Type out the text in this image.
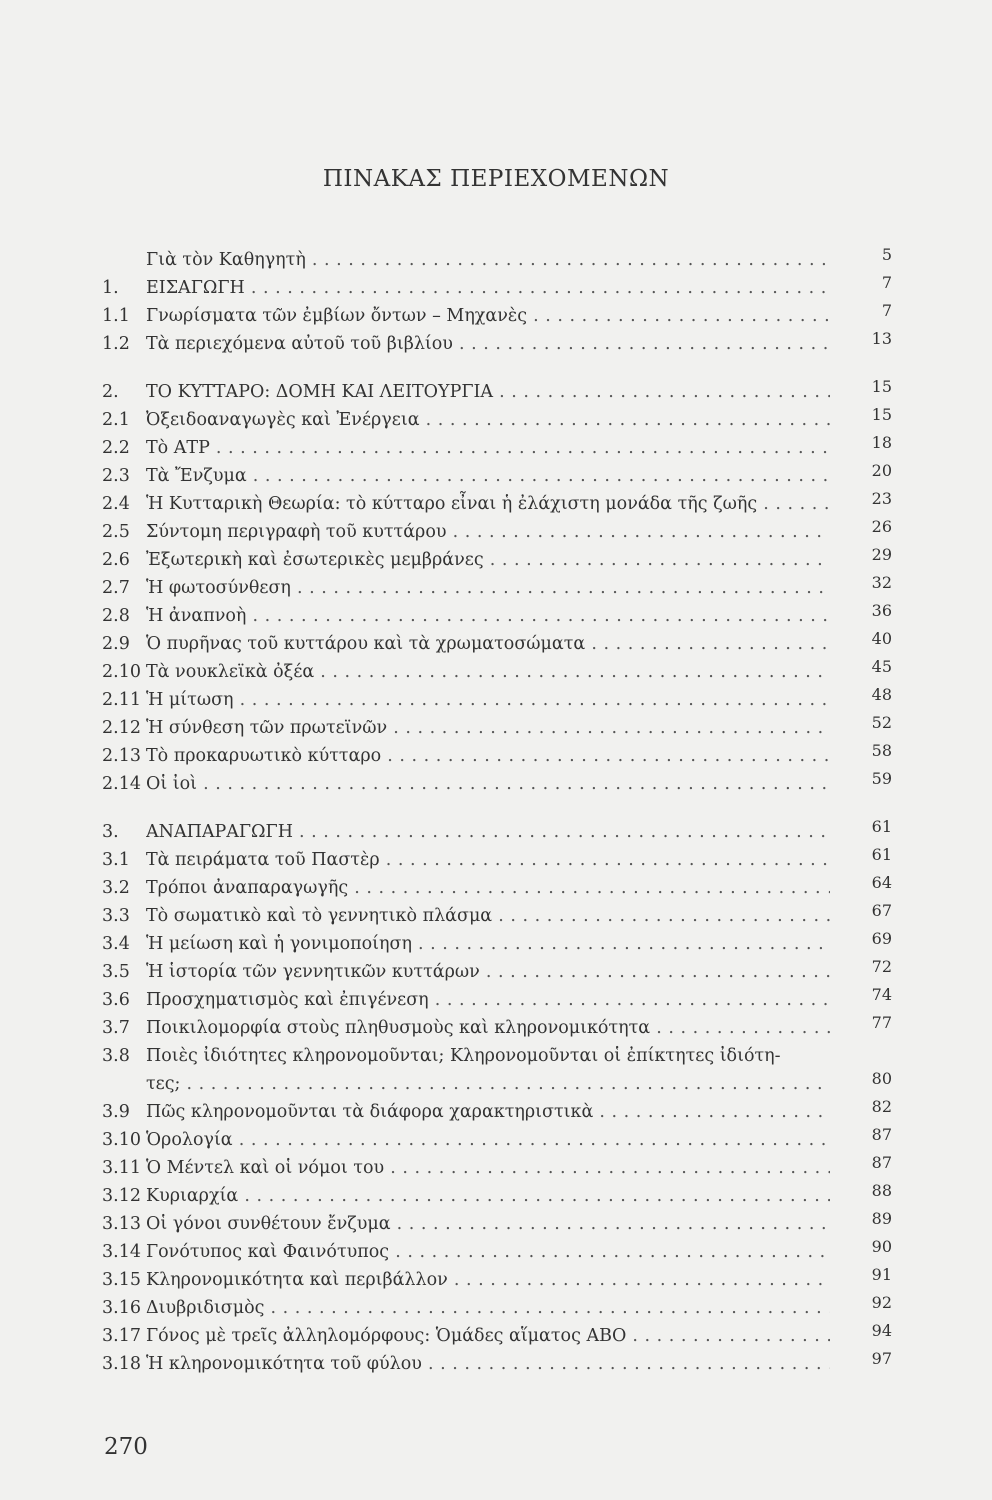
ΠΙΝΑΚΑΣ ΠΕΡΙΕΧΟΜΕΝΩΝ
Γιὰ τὸν Καθηγητὴ . . .	5
1. ΕΙΣΑΓΩΓΗ . . .	7
1.1 Γνωρίσματα τῶν ἐμβίων ὄντων – Μηχανὲς . . .	7
1.2 Τὰ περιεχόμενα αὐτοῦ τοῦ βιβλίου . . .	13
2. ΤΟ ΚΥΤΤΑΡΟ: ΔΟΜΗ ΚΑΙ ΛΕΙΤΟΥΡΓΙΑ . . .	15
2.1 Ὀξειδοαναγωγὲς καὶ Ἐνέργεια . . .	15
2.2 Τὸ ΑΤΡ . . .	18
2.3 Τὰ Ἔνζυμα . . .	20
2.4 Ἡ Κυτταρικὴ Θεωρία: τὸ κύτταρο εἶναι ἡ ἐλάχιστη μονάδα τῆς ζωῆς . . .	23
2.5 Σύντομη περιγραφὴ τοῦ κυττάρου . . .	26
2.6 Ἐξωτερικὴ καὶ ἐσωτερικὲς μεμβράνες . . .	29
2.7 Ἡ φωτοσύνθεση . . .	32
2.8 Ἡ ἀναπνοὴ . . .	36
2.9 Ὁ πυρῆνας τοῦ κυττάρου καὶ τὰ χρωματοσώματα . . .	40
2.10 Τὰ νουκλεϊκὰ ὀξέα . . .	45
2.11 Ἡ μίτωση . . .	48
2.12 Ἡ σύνθεση τῶν πρωτεϊνῶν . . .	52
2.13 Τὸ προκαρυωτικὸ κύτταρο . . .	58
2.14 Οἱ ἰοὶ . . .	59
3. ΑΝΑΠΑΡΑΓΩΓΗ . . .	61
3.1 Τὰ πειράματα τοῦ Παστὲρ . . .	61
3.2 Τρόποι ἀναπαραγωγῆς . . .	64
3.3 Τὸ σωματικὸ καὶ τὸ γεννητικὸ πλάσμα . . .	67
3.4 Ἡ μείωση καὶ ἡ γονιμοποίηση . . .	69
3.5 Ἡ ἱστορία τῶν γεννητικῶν κυττάρων . . .	72
3.6 Προσχηματισμὸς καὶ ἐπιγένεση . . .	74
3.7 Ποικιλομορφία στοὺς πληθυσμοὺς καὶ κληρονομικότητα . . .	77
3.8 Ποιὲς ἰδιότητες κληρονομοῦνται; Κληρονομοῦνται οἱ ἐπίκτητες ἰδιότη-
τες; . . .	80
3.9 Πῶς κληρονομοῦνται τὰ διάφορα χαρακτηριστικὰ . . .	82
3.10 Ὁρολογία . . .	87
3.11 Ὁ Μέντελ καὶ οἱ νόμοι του . . .	87
3.12 Κυριαρχία . . .	88
3.13 Οἱ γόνοι συνθέτουν ἔνζυμα . . .	89
3.14 Γονότυπος καὶ Φαινότυπος . . .	90
3.15 Κληρονομικότητα καὶ περιβάλλον . . .	91
3.16 Διυβριδισμὸς . . .	92
3.17 Γόνος μὲ τρεῖς ἀλληλομόρφους: Ὁμάδες αἵματος ΑΒΟ . . .	94
3.18 Ἡ κληρονομικότητα τοῦ φύλου . . .	97
270
